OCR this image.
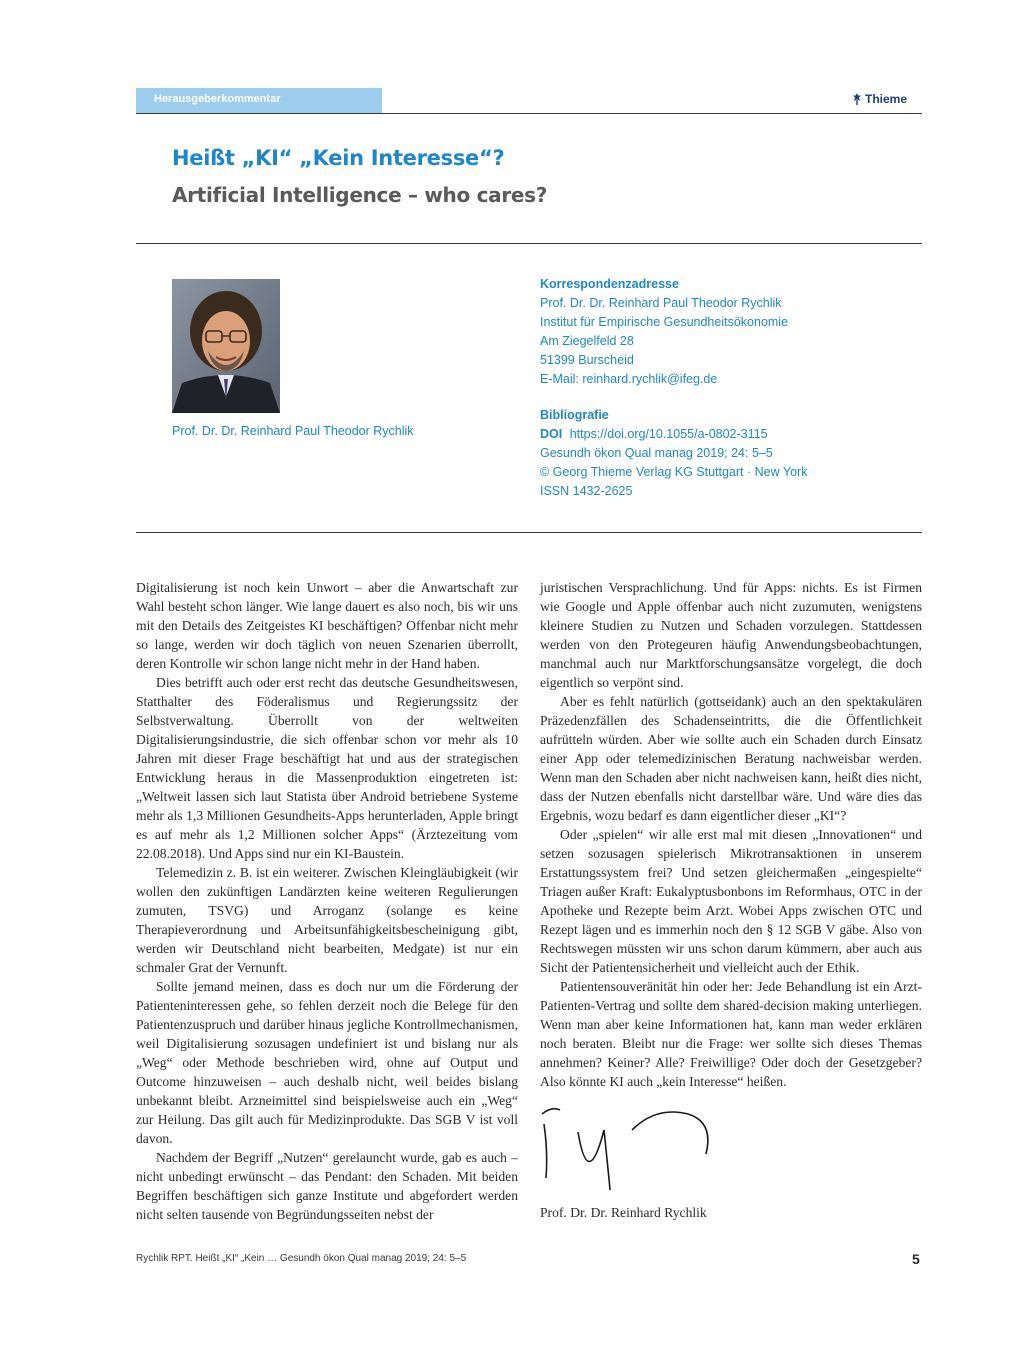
Herausgeberkommentar	Thieme
Heißt „KI“ „Kein Interesse“?
Artificial Intelligence – who cares?
Prof. Dr. Dr. Reinhard Paul Theodor Rychlik
Korrespondenzadresse
Prof. Dr. Dr. Reinhard Paul Theodor Rychlik
Institut für Empirische Gesundheitsökonomie
Am Ziegelfeld 28
51399 Burscheid
E-Mail: reinhard.rychlik@ifeg.de
Bibliografie
DOI https://doi.org/10.1055/a-0802-3115
Gesundh ökon Qual manag 2019; 24: 5–5
© Georg Thieme Verlag KG Stuttgart · New York
ISSN 1432-2625

Digitalisierung ist noch kein Unwort – aber die Anwartschaft zur Wahl besteht schon länger. Wie lange dauert es also noch, bis wir uns mit den Details des Zeitgeistes KI beschäftigen? Offenbar nicht mehr so lange, werden wir doch täglich von neuen Szenarien überrollt, deren Kontrolle wir schon lange nicht mehr in der Hand haben.

Dies betrifft auch oder erst recht das deutsche Gesundheitswesen, Statthalter des Föderalismus und Regierungssitz der Selbstverwaltung. Überrollt von der weltweiten Digitalisierungsindustrie, die sich offenbar schon vor mehr als 10 Jahren mit dieser Frage beschäftigt hat und aus der strategischen Entwicklung heraus in die Massenproduktion eingetreten ist: „Weltweit lassen sich laut Statista über Android betriebene Systeme mehr als 1,3 Millionen Gesundheits-Apps herunterladen, Apple bringt es auf mehr als 1,2 Millionen solcher Apps“ (Ärztezeitung vom 22.08.2018). Und Apps sind nur ein KI-Baustein.

Telemedizin z. B. ist ein weiterer. Zwischen Kleingläubigkeit (wir wollen den zukünftigen Landärzten keine weiteren Regulierungen zumuten, TSVG) und Arroganz (solange es keine Therapieverordnung und Arbeitsunfähigkeitsbescheinigung gibt, werden wir Deutschland nicht bearbeiten, Medgate) ist nur ein schmaler Grat der Vernunft.

Sollte jemand meinen, dass es doch nur um die Förderung der Patienteninteressen gehe, so fehlen derzeit noch die Belege für den Patientenzuspruch und darüber hinaus jegliche Kontrollmechanismen, weil Digitalisierung sozusagen undefiniert ist und bislang nur als „Weg“ oder Methode beschrieben wird, ohne auf Output und Outcome hinzuweisen – auch deshalb nicht, weil beides bislang unbekannt bleibt. Arzneimittel sind beispielsweise auch ein „Weg“ zur Heilung. Das gilt auch für Medizinprodukte. Das SGB V ist voll davon.

Nachdem der Begriff „Nutzen“ gerelauncht wurde, gab es auch – nicht unbedingt erwünscht – das Pendant: den Schaden. Mit beiden Begriffen beschäftigen sich ganze Institute und abgefordert werden nicht selten tausende von Begründungsseiten nebst der

juristischen Versprachlichung. Und für Apps: nichts. Es ist Firmen wie Google und Apple offenbar auch nicht zuzumuten, wenigstens kleinere Studien zu Nutzen und Schaden vorzulegen. Stattdessen werden von den Protegeuren häufig Anwendungsbeobachtungen, manchmal auch nur Marktforschungsansätze vorgelegt, die doch eigentlich so verpönt sind.

Aber es fehlt natürlich (gottseidank) auch an den spektakulären Präzedenzfällen des Schadenseintritts, die die Öffentlichkeit aufrütteln würden. Aber wie sollte auch ein Schaden durch Einsatz einer App oder telemedizinischen Beratung nachweisbar werden. Wenn man den Schaden aber nicht nachweisen kann, heißt dies nicht, dass der Nutzen ebenfalls nicht darstellbar wäre. Und wäre dies das Ergebnis, wozu bedarf es dann eigentlicher dieser „KI“?

Oder „spielen“ wir alle erst mal mit diesen „Innovationen“ und setzen sozusagen spielerisch Mikrotransaktionen in unserem Erstattungssystem frei? Und setzen gleichermaßen „eingespielte“ Triagen außer Kraft: Eukalyptusbonbons im Reformhaus, OTC in der Apotheke und Rezepte beim Arzt. Wobei Apps zwischen OTC und Rezept lägen und es immerhin noch den § 12 SGB V gäbe. Also von Rechtswegen müssten wir uns schon darum kümmern, aber auch aus Sicht der Patientensicherheit und vielleicht auch der Ethik.

Patientensouveränität hin oder her: Jede Behandlung ist ein Arzt-Patienten-Vertrag und sollte dem shared-decision making unterliegen. Wenn man aber keine Informationen hat, kann man weder erklären noch beraten. Bleibt nur die Frage: wer sollte sich dieses Themas annehmen? Keiner? Alle? Freiwillige? Oder doch der Gesetzgeber? Also könnte KI auch „kein Interesse“ heißen.

Prof. Dr. Dr. Reinhard Rychlik
Rychlik RPT. Heißt „KI“ „Kein … Gesundh ökon Qual manag 2019; 24: 5–5	5
